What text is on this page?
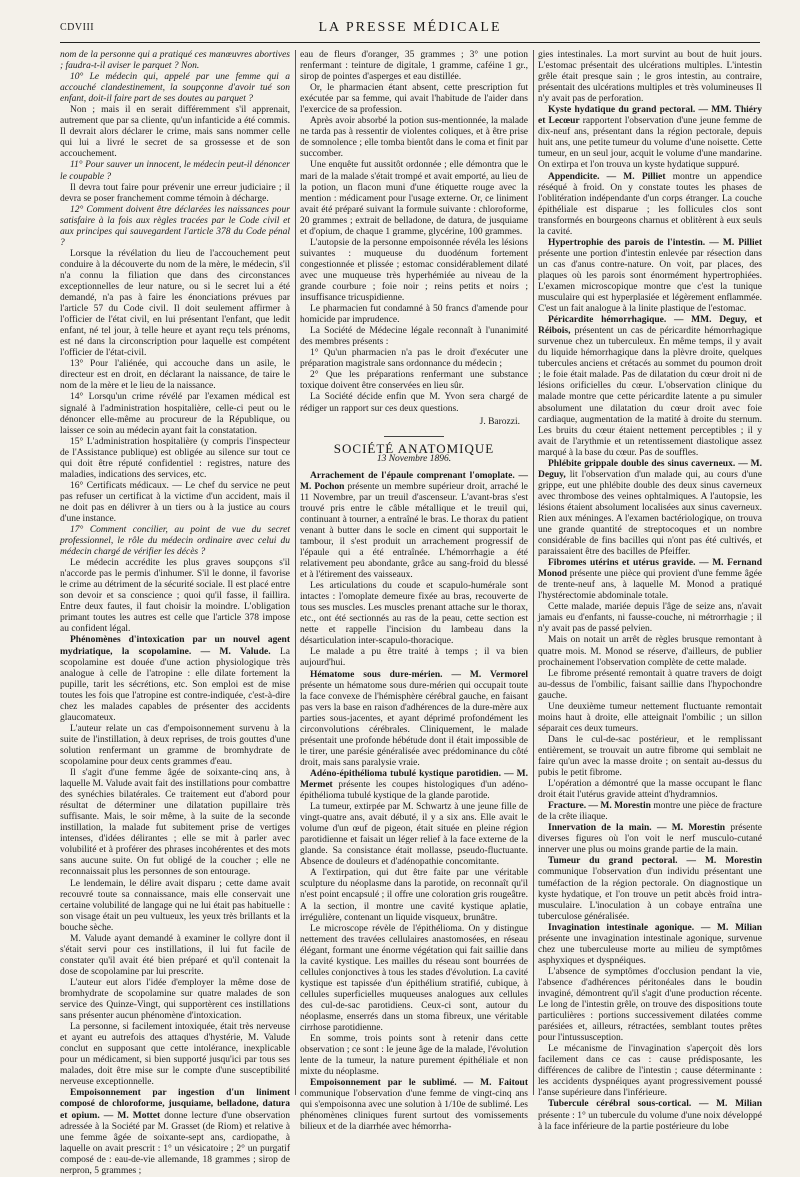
CDVIII	LA PRESSE MÉDICALE

nom de la personne qui a pratiqué ces manœuvres abortives ; faudra-t-il aviser le parquet ? Non.

10° Le médecin qui, appelé par une femme qui a accouché clandestinement, la soupçonne d'avoir tué son enfant, doit-il faire part de ses doutes au parquet ?

Non ; mais il en serait différemment s'il apprenait, autrement que par sa cliente, qu'un infanticide a été commis. Il devrait alors déclarer le crime, mais sans nommer celle qui lui a livré le secret de sa grossesse et de son accouchement.

11° Pour sauver un innocent, le médecin peut-il dénoncer le coupable ?

Il devra tout faire pour prévenir une erreur judiciaire ; il devra se poser franchement comme témoin à décharge.

12° Comment doivent être déclarées les naissances pour satisfaire à la fois aux règles tracées par le Code civil et aux principes qui sauvegardent l'article 378 du Code pénal ?

Lorsque la révélation du lieu de l'accouchement peut conduire à la découverte du nom de la mère, le médecin, s'il n'a connu la filiation que dans des circonstances exceptionnelles de leur nature, ou si le secret lui a été demandé, n'a pas à faire les énonciations prévues par l'article 57 du Code civil. Il doit seulement affirmer à l'officier de l'état civil, en lui présentant l'enfant, que ledit enfant, né tel jour, à telle heure et ayant reçu tels prénoms, est né dans la circonscription pour laquelle est compétent l'officier de l'état-civil.

13° Pour l'aliénée, qui accouche dans un asile, le directeur est en droit, en déclarant la naissance, de taire le nom de la mère et le lieu de la naissance.

14° Lorsqu'un crime révélé par l'examen médical est signalé à l'administration hospitalière, celle-ci peut ou le dénoncer elle-même au procureur de la République, ou laisser ce soin au médecin ayant fait la constatation.

15° L'administration hospitalière (y compris l'inspecteur de l'Assistance publique) est obligée au silence sur tout ce qui doit être réputé confidentiel : registres, nature des maladies, indications des services, etc.

16° Certificats médicaux. — Le chef du service ne peut pas refuser un certificat à la victime d'un accident, mais il ne doit pas en délivrer à un tiers ou à la justice au cours d'une instance.

17° Comment concilier, au point de vue du secret professionnel, le rôle du médecin ordinaire avec celui du médecin chargé de vérifier les décès ?

Le médecin accrédite les plus graves soupçons s'il n'accorde pas le permis d'inhumer. S'il le donne, il favorise le crime au détriment de la sécurité sociale. Il est placé entre son devoir et sa conscience ; quoi qu'il fasse, il faillira. Entre deux fautes, il faut choisir la moindre. L'obligation primant toutes les autres est celle que l'article 378 impose au confident légal.

Phénomènes d'intoxication par un nouvel agent mydriatique, la scopolamine. — M. Valude. La scopolamine est douée d'une action physiologique très analogue à celle de l'atropine : elle dilate fortement la pupille, tarit les sécrétions, etc. Son emploi est de mise toutes les fois que l'atropine est contre-indiquée, c'est-à-dire chez les malades capables de présenter des accidents glaucomateux.

L'auteur relate un cas d'empoisonnement survenu à la suite de l'instillation, à deux reprises, de trois gouttes d'une solution renfermant un gramme de bromhydrate de scopolamine pour deux cents grammes d'eau.

Il s'agit d'une femme âgée de soixante-cinq ans, à laquelle M. Valude avait fait des instillations pour combattre des synéchies bilatérales. Ce traitement eut d'abord pour résultat de déterminer une dilatation pupillaire très suffisante. Mais, le soir même, à la suite de la seconde instillation, la malade fut subitement prise de vertiges intenses, d'idées délirantes ; elle se mit à parler avec volubilité et à proférer des phrases incohérentes et des mots sans aucune suite. On fut obligé de la coucher ; elle ne reconnaissait plus les personnes de son entourage.

Le lendemain, le délire avait disparu ; cette dame avait recouvré toute sa connaissance, mais elle conservait une certaine volubilité de langage qui ne lui était pas habituelle : son visage était un peu vultueux, les yeux très brillants et la bouche sèche.

M. Valude ayant demandé à examiner le collyre dont il s'était servi pour ces instillations, il lui fut facile de constater qu'il avait été bien préparé et qu'il contenait la dose de scopolamine par lui prescrite.

L'auteur eut alors l'idée d'employer la même dose de bromhydrate de scopolamine sur quatre malades de son service des Quinze-Vingt, qui supportèrent ces instillations sans présenter aucun phénomène d'intoxication.

La personne, si facilement intoxiquée, était très nerveuse et ayant eu autrefois des attaques d'hystérie, M. Valude conclut en supposant que cette intolérance, inexplicable pour un médicament, si bien supporté jusqu'ici par tous ses malades, doit être mise sur le compte d'une susceptibilité nerveuse exceptionnelle.

Empoisonnement par ingestion d'un liniment composé de chloroforme, jusquiame, belladone, datura et opium. — M. Mottet donne lecture d'une observation adressée à la Société par M. Grasset (de Riom) et relative à une femme âgée de soixante-sept ans, cardiopathe, à laquelle on avait prescrit : 1° un vésicatoire ; 2° un purgatif composé de : eau-de-vie allemande, 18 grammes ; sirop de nerpron, 5 grammes ;

eau de fleurs d'oranger, 35 grammes ; 3° une potion renfermant : teinture de digitale, 1 gramme, caféine 1 gr., sirop de pointes d'asperges et eau distillée.

Or, le pharmacien étant absent, cette prescription fut exécutée par sa femme, qui avait l'habitude de l'aider dans l'exercice de sa profession.

Après avoir absorbé la potion sus-mentionnée, la malade ne tarda pas à ressentir de violentes coliques, et à être prise de somnolence ; elle tomba bientôt dans le coma et finit par succomber.

Une enquête fut aussitôt ordonnée ; elle démontra que le mari de la malade s'était trompé et avait emporté, au lieu de la potion, un flacon muni d'une étiquette rouge avec la mention : médicament pour l'usage externe. Or, ce liniment avait été préparé suivant la formule suivante : chloroforme, 20 grammes ; extrait de belladone, de datura, de jusquiame et d'opium, de chaque 1 gramme, glycérine, 100 grammes.

L'autopsie de la personne empoisonnée révéla les lésions suivantes : muqueuse du duodénum fortement congestionnée et plissée ; estomac considérablement dilaté avec une muqueuse très hyperhémiée au niveau de la grande courbure ; foie noir ; reins petits et noirs ; insuffisance tricuspidienne.

Le pharmacien fut condamné à 50 francs d'amende pour homicide par imprudence.

La Société de Médecine légale reconnaît à l'unanimité des membres présents :

1° Qu'un pharmacien n'a pas le droit d'exécuter une préparation magistrale sans ordonnance du médecin ;

2° Que les préparations renfermant une substance toxique doivent être conservées en lieu sûr.

La Société décide enfin que M. Yvon sera chargé de rédiger un rapport sur ces deux questions.

J. Barozzi.
SOCIÉTÉ ANATOMIQUE
13 Novembre 1896.

Arrachement de l'épaule comprenant l'omoplate. — M. Pochon présente un membre supérieur droit, arraché le 11 Novembre, par un treuil d'ascenseur. L'avant-bras s'est trouvé pris entre le câble métallique et le treuil qui, continuant à tourner, a entraîné le bras. Le thorax du patient venant à butter dans le socle en ciment qui supportait le tambour, il s'est produit un arrachement progressif de l'épaule qui a été entraînée. L'hémorrhagie a été relativement peu abondante, grâce au sang-froid du blessé et à l'étirement des vaisseaux.

Les articulations du coude et scapulo-humérale sont intactes : l'omoplate demeure fixée au bras, recouverte de tous ses muscles. Les muscles prenant attache sur le thorax, etc., ont été sectionnés au ras de la peau, cette section est nette et rappelle l'incision du lambeau dans la désarticulation inter-scapulo-thoracique.

Le malade a pu être traité à temps ; il va bien aujourd'hui.

Hématome sous dure-mérien. — M. Vermorel présente un hématome sous dure-mérien qui occupait toute la face convexe de l'hémisphère cérébral gauche, en faisant pas vers la base en raison d'adhérences de la dure-mère aux parties sous-jacentes, et ayant déprimé profondément les circonvolutions cérébrales. Cliniquement, le malade présentait une profonde hébétude dont il était impossible de le tirer, une parésie généralisée avec prédominance du côté droit, mais sans paralysie vraie.

Adéno-épithélioma tubulé kystique parotidien. — M. Mermet présente les coupes histologiques d'un adéno-épithélioma tubulé kystique de la glande parotide.

La tumeur, extirpée par M. Schwartz à une jeune fille de vingt-quatre ans, avait débuté, il y a six ans. Elle avait le volume d'un œuf de pigeon, était située en pleine région parotidienne et faisait un léger relief à la face externe de la glande. Sa consistance était mollasse, pseudo-fluctuante. Absence de douleurs et d'adénopathie concomitante.

A l'extirpation, qui dut être faite par une véritable sculpture du néoplasme dans la parotide, on reconnaît qu'il n'est point encapsulé ; il offre une coloration gris rougeâtre. A la section, il montre une cavité kystique aplatie, irrégulière, contenant un liquide visqueux, brunâtre.

Le microscope révèle de l'épithélioma. On y distingue nettement des travées cellulaires anastomosées, en réseau élégant, formant une énorme végétation qui fait saillie dans la cavité kystique. Les mailles du réseau sont bourrées de cellules conjonctives à tous les stades d'évolution. La cavité kystique est tapissée d'un épithélium stratifié, cubique, à cellules superficielles muqueuses analogues aux cellules des cul-de-sac parotidiens. Ceux-ci sont, autour du néoplasme, enserrés dans un stoma fibreux, une véritable cirrhose parotidienne.

En somme, trois points sont à retenir dans cette observation ; ce sont : le jeune âge de la malade, l'évolution lente de la tumeur, la nature purement épithéliale et non mixte du néoplasme.

Empoisonnement par le sublimé. — M. Faitout communique l'observation d'une femme de vingt-cinq ans qui s'empoisonna avec une solution à 1/10e de sublimé. Les phénomènes cliniques furent surtout des vomissements bilieux et de la diarrhée avec hémorrha-

gies intestinales. La mort survint au bout de huit jours. L'estomac présentait des ulcérations multiples. L'intestin grêle était presque sain ; le gros intestin, au contraire, présentait des ulcérations multiples et très volumineuses Il n'y avait pas de perforation.

Kyste hydatique du grand pectoral. — MM. Thiéry et Lecœur rapportent l'observation d'une jeune femme de dix-neuf ans, présentant dans la région pectorale, depuis huit ans, une petite tumeur du volume d'une noisette. Cette tumeur, en un seul jour, acquit le volume d'une mandarine. On extirpa et l'on trouva un kyste hydatique suppuré.

Appendicite. — M. Pilliet montre un appendice réséqué à froid. On y constate toutes les phases de l'oblitération indépendante d'un corps étranger. La couche épithéliale est disparue ; les follicules clos sont transformés en bourgeons charnus et oblitèrent à eux seuls la cavité.

Hypertrophie des parois de l'intestin. — M. Pilliet présente une portion d'intestin enlevée par résection dans un cas d'anus contre-nature. On voit, par places, des plaques où les parois sont énormément hypertrophiées. L'examen microscopique montre que c'est la tunique musculaire qui est hyperplasiée et légèrement enflammée. C'est un fait analogue à la linite plastique de l'estomac.

Péricardite hémorrhagique. — MM. Deguy, et Réibois, présentent un cas de péricardite hémorrhagique survenue chez un tuberculeux. En même temps, il y avait du liquide hémorrhagique dans la plèvre droite, quelques tubercules anciens et crétacés au sommet du poumon droit ; le foie était malade. Pas de dilatation du cœur droit ni de lésions orificielles du cœur. L'observation clinique du malade montre que cette péricardite latente a pu simuler absolument une dilatation du cœur droit avec foie cardiaque, augmentation de la matité à droite du sternum. Les bruits du cœur étaient nettement perceptibles ; il y avait de l'arythmie et un retentissement diastolique assez marqué à la base du cœur. Pas de souffles.

Phlébite grippale double des sinus caverneux. — M. Deguy, lit l'observation d'un malade qui, au cours d'une grippe, eut une phlébite double des deux sinus caverneux avec thrombose des veines ophtalmiques. A l'autopsie, les lésions étaient absolument localisées aux sinus caverneux. Rien aux méninges. A l'examen bactériologique, on trouva une grande quantité de streptocoques et un nombre considérable de fins bacilles qui n'ont pas été cultivés, et paraissaient être des bacilles de Pfeiffer.

Fibromes utérins et utérus gravide. — M. Fernand Monod présente une pièce qui provient d'une femme âgée de trente-neuf ans, à laquelle M. Monod a pratiqué l'hystérectomie abdominale totale.

Cette malade, mariée depuis l'âge de seize ans, n'avait jamais eu d'enfants, ni fausse-couche, ni métrorrhagie ; il n'y avait pas de passé pelvien.

Mais on notait un arrêt de règles brusque remontant à quatre mois. M. Monod se réserve, d'ailleurs, de publier prochainement l'observation complète de cette malade.

Le fibrome présenté remontait à quatre travers de doigt au-dessus de l'ombilic, faisant saillie dans l'hypochondre gauche.

Une deuxième tumeur nettement fluctuante remontait moins haut à droite, elle atteignait l'ombilic ; un sillon séparait ces deux tumeurs.

Dans le cul-de-sac postérieur, et le remplissant entièrement, se trouvait un autre fibrome qui semblait ne faire qu'un avec la masse droite ; on sentait au-dessus du pubis le petit fibrome.

L'opération a démontré que la masse occupant le flanc droit était l'utérus gravide atteint d'hydramnios.

Fracture. — M. Morestin montre une pièce de fracture de la crête iliaque.

Innervation de la main. — M. Morestin présente diverses figures où l'on voit le nerf musculo-cutané innerver une plus ou moins grande partie de la main.

Tumeur du grand pectoral. — M. Morestin communique l'observation d'un individu présentant une tuméfaction de la région pectorale. On diagnostique un kyste hydatique, et l'on trouve un petit abcès froid intra-musculaire. L'inoculation à un cobaye entraîna une tuberculose généralisée.

Invagination intestinale agonique. — M. Milian présente une invagination intestinale agonique, survenue chez une tuberculeuse morte au milieu de symptômes asphyxiques et dyspnéiques.

L'absence de symptômes d'occlusion pendant la vie, l'absence d'adhérences péritonéales dans le boudin invaginé, démontrent qu'il s'agit d'une production récente. Le long de l'intestin grêle, on trouve des dispositions toute particulières : portions successivement dilatées comme parésiées et, ailleurs, rétractées, semblant toutes prêtes pour l'intussusception.

Le mécanisme de l'invagination s'aperçoit dès lors facilement dans ce cas : cause prédisposante, les différences de calibre de l'intestin ; cause déterminante : les accidents dyspnéiques ayant progressivement poussé l'anse supérieure dans l'inférieure.

Tubercule cérébral sous-cortical. — M. Milian présente : 1° un tubercule du volume d'une noix développé à la face inférieure de la partie postérieure du lobe
